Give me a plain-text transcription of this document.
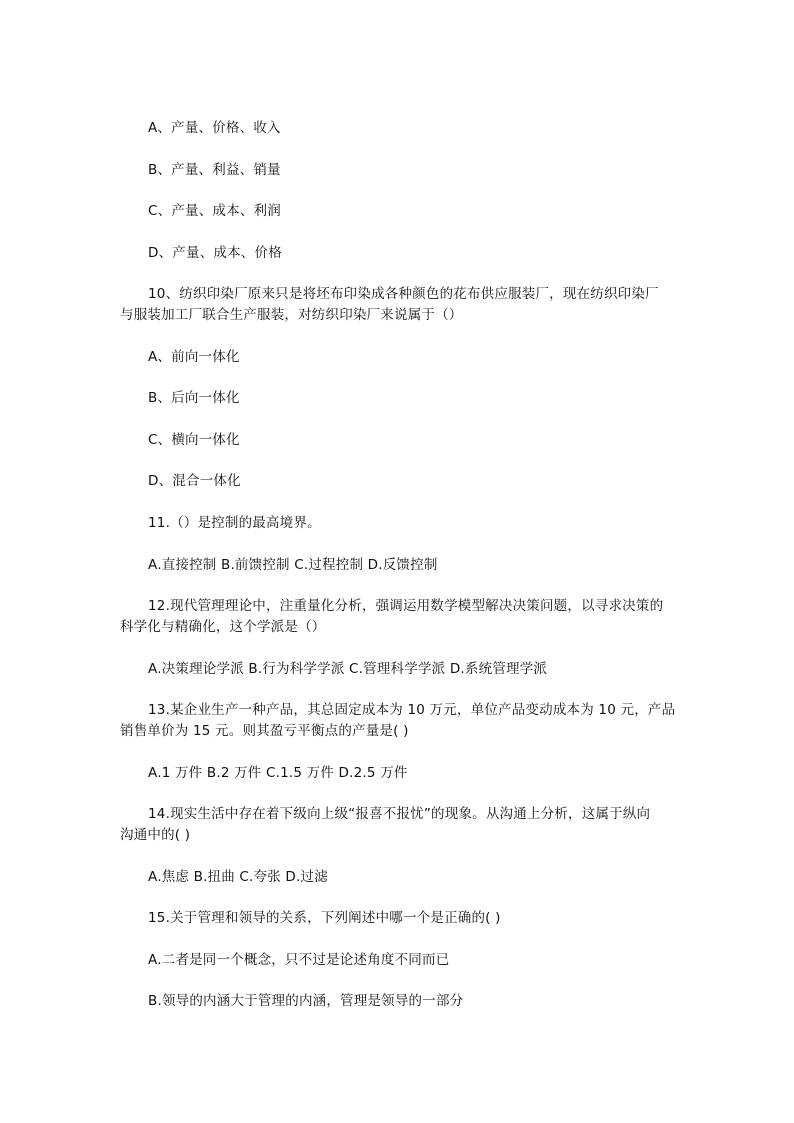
A、产量、价格、收入
B、产量、利益、销量
C、产量、成本、利润
D、产量、成本、价格
10、纺织印染厂原来只是将坯布印染成各种颜色的花布供应服装厂，现在纺织印染厂
与服装加工厂联合生产服装，对纺织印染厂来说属于（）
A、前向一体化
B、后向一体化
C、横向一体化
D、混合一体化
11.（）是控制的最高境界。
A.直接控制 B.前馈控制 C.过程控制 D.反馈控制
12.现代管理理论中，注重量化分析，强调运用数学模型解决决策问题，以寻求决策的
科学化与精确化，这个学派是（）
A.决策理论学派 B.行为科学学派 C.管理科学学派 D.系统管理学派
13.某企业生产一种产品，其总固定成本为 10 万元，单位产品变动成本为 10 元，产品
销售单价为 15 元。则其盈亏平衡点的产量是( )
A.1 万件 B.2 万件 C.1.5 万件 D.2.5 万件
14.现实生活中存在着下级向上级“报喜不报忧”的现象。从沟通上分析，这属于纵向
沟通中的( )
A.焦虑 B.扭曲 C.夸张 D.过滤
15.关于管理和领导的关系，下列阐述中哪一个是正确的( )
A.二者是同一个概念，只不过是论述角度不同而已
B.领导的内涵大于管理的内涵，管理是领导的一部分
